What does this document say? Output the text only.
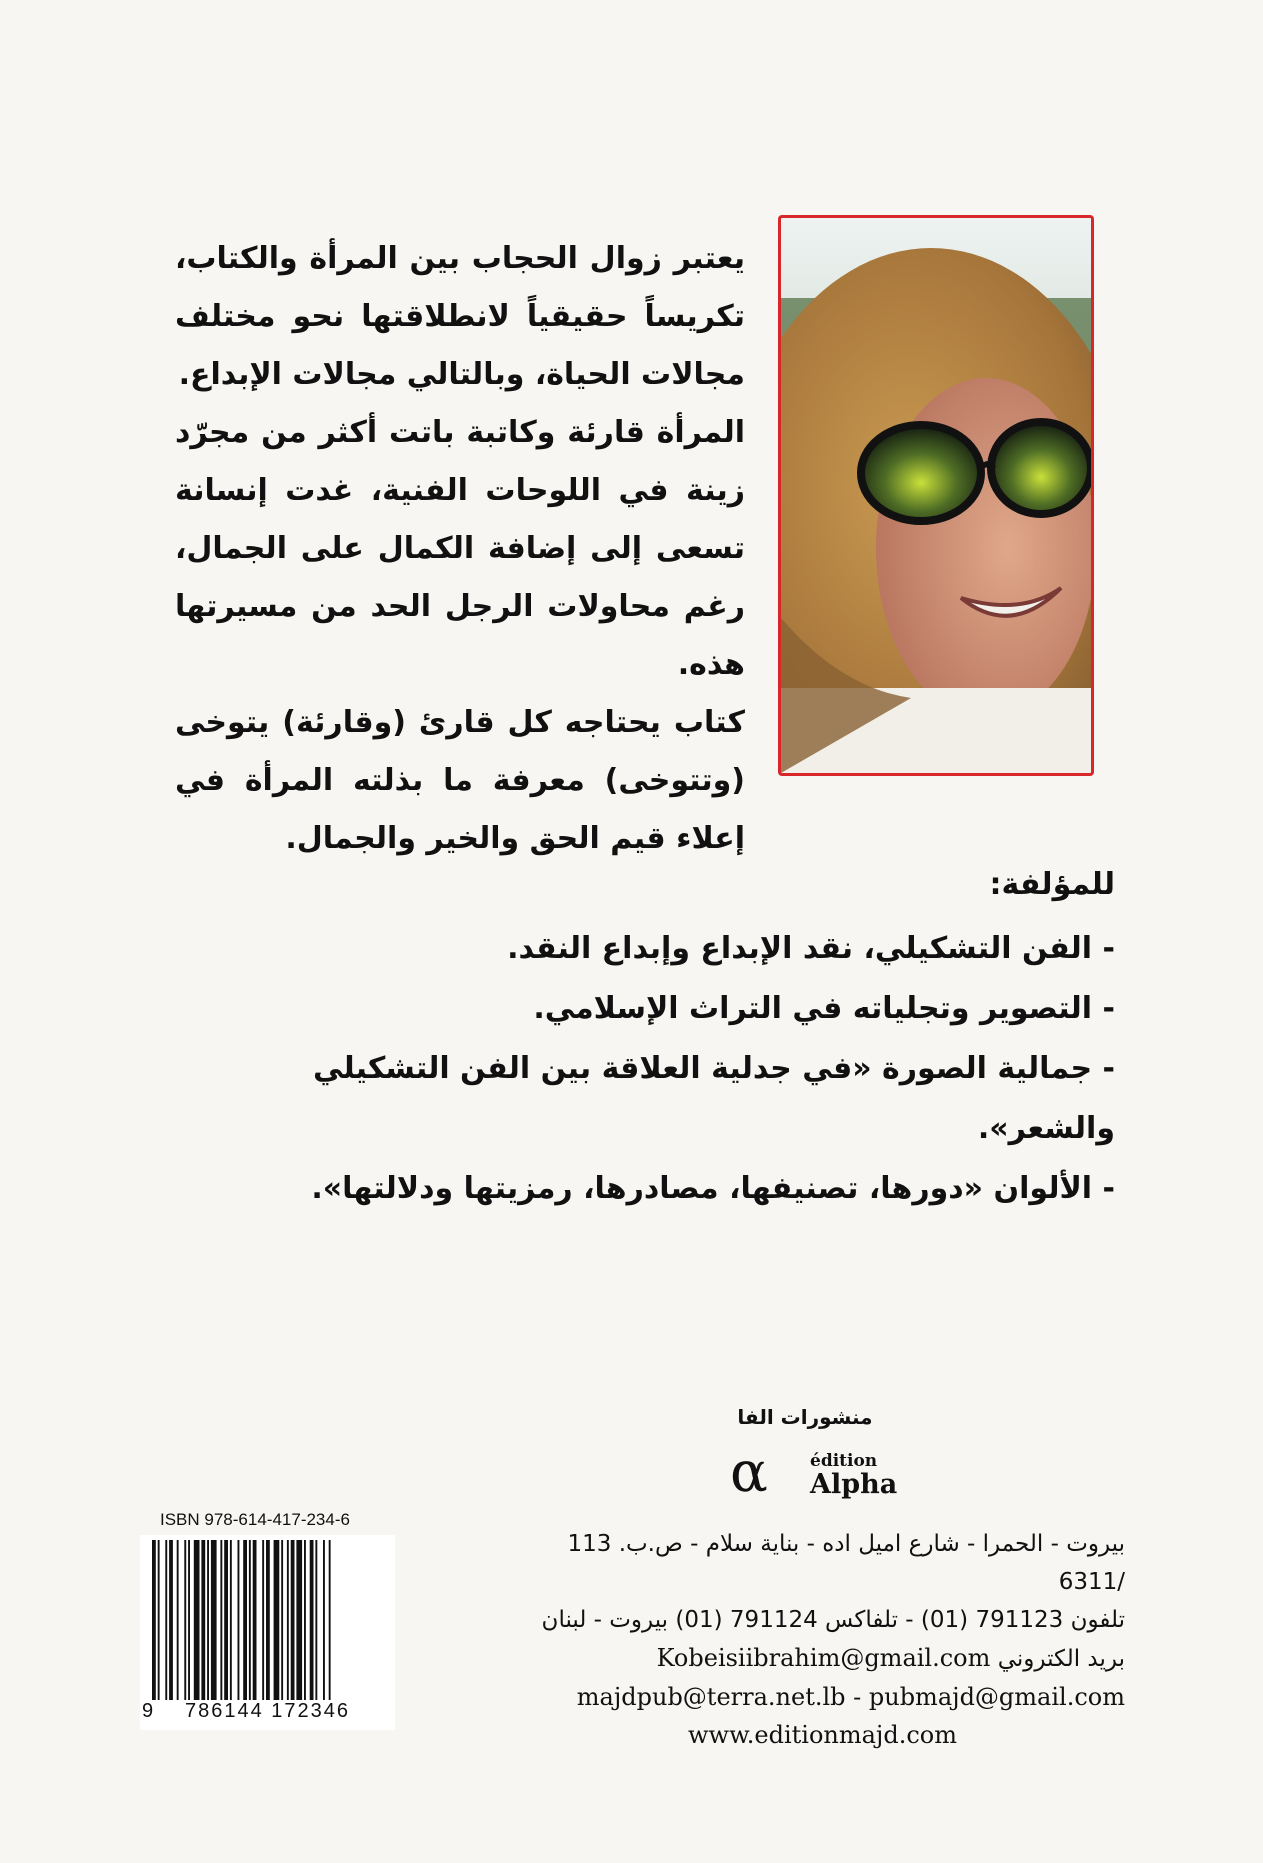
يعتبر زوال الحجاب بين المرأة والكتاب، تكريساً حقيقياً لانطلاقتها نحو مختلف مجالات الحياة، وبالتالي مجالات الإبداع.

المرأة قارئة وكاتبة باتت أكثر من مجرّد زينة في اللوحات الفنية، غدت إنسانة تسعى إلى إضافة الكمال على الجمال، رغم محاولات الرجل الحد من مسيرتها هذه.

كتاب يحتاجه كل قارئ (وقارئة) يتوخى (وتتوخى) معرفة ما بذلته المرأة في إعلاء قيم الحق والخير والجمال.

للمؤلفة:
- الفن التشكيلي، نقد الإبداع وإبداع النقد.
- التصوير وتجلياته في التراث الإسلامي.
- جمالية الصورة «في جدلية العلاقة بين الفن التشكيلي والشعر».
- الألوان «دورها، تصنيفها، مصادرها، رمزيتها ودلالتها».
منشورات الفا
α édition
Alpha
بيروت - الحمرا - شارع اميل اده - بناية سلام - ص.ب. 113 /6311
تلفون 791123 (01) - تلفاكس 791124 (01) بيروت - لبنان
بريد الكتروني Kobeisiibrahim@gmail.com
majdpub@terra.net.lb - pubmajd@gmail.com
www.editionmajd.com
ISBN 978-614-417-234-6
9 786144 172346
